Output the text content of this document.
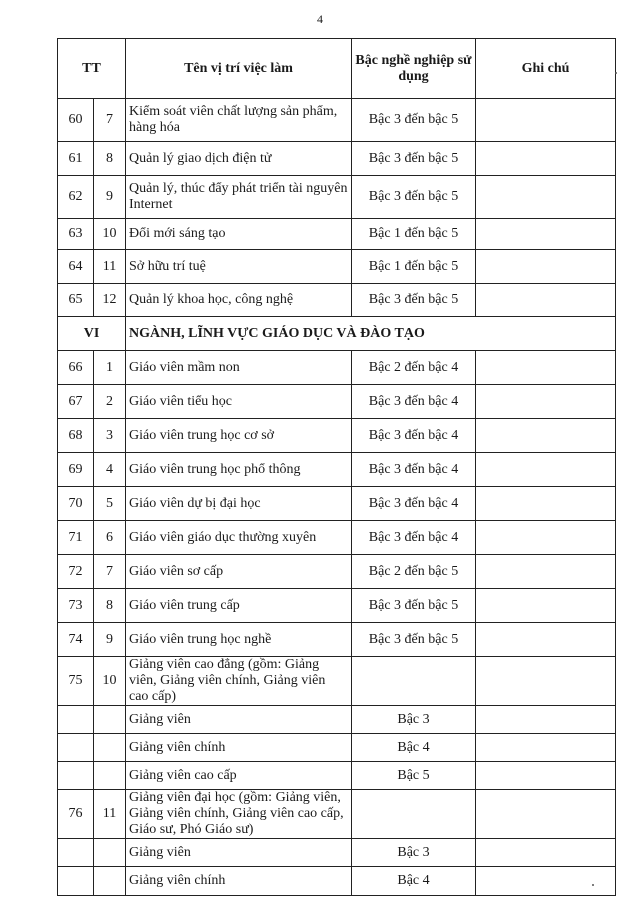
4
TT		Tên vị trí việc làm	Bậc nghề nghiệp sử dụng	Ghi chú
60	7	Kiểm soát viên chất lượng sản phẩm, hàng hóa	Bậc 3 đến bậc 5	
61	8	Quản lý giao dịch điện tử	Bậc 3 đến bậc 5	
62	9	Quản lý, thúc đẩy phát triển tài nguyên Internet	Bậc 3 đến bậc 5	
63	10	Đổi mới sáng tạo	Bậc 1 đến bậc 5	
64	11	Sở hữu trí tuệ	Bậc 1 đến bậc 5	
65	12	Quản lý khoa học, công nghệ	Bậc 3 đến bậc 5	
VI		NGÀNH, LĨNH VỰC GIÁO DỤC VÀ ĐÀO TẠO		
66	1	Giáo viên mầm non	Bậc 2 đến bậc 4	
67	2	Giáo viên tiểu học	Bậc 3 đến bậc 4	
68	3	Giáo viên trung học cơ sở	Bậc 3 đến bậc 4	
69	4	Giáo viên trung học phổ thông	Bậc 3 đến bậc 4	
70	5	Giáo viên dự bị đại học	Bậc 3 đến bậc 4	
71	6	Giáo viên giáo dục thường xuyên	Bậc 3 đến bậc 4	
72	7	Giáo viên sơ cấp	Bậc 2 đến bậc 5	
73	8	Giáo viên trung cấp	Bậc 3 đến bậc 5	
74	9	Giáo viên trung học nghề	Bậc 3 đến bậc 5	
75	10	Giảng viên cao đẳng (gồm: Giảng viên, Giảng viên chính, Giảng viên cao cấp)		
		Giảng viên	Bậc 3	
		Giảng viên chính	Bậc 4	
		Giảng viên cao cấp	Bậc 5	
76	11	Giảng viên đại học (gồm: Giảng viên, Giảng viên chính, Giảng viên cao cấp, Giáo sư, Phó Giáo sư)		
		Giảng viên	Bậc 3	
		Giảng viên chính	Bậc 4	
